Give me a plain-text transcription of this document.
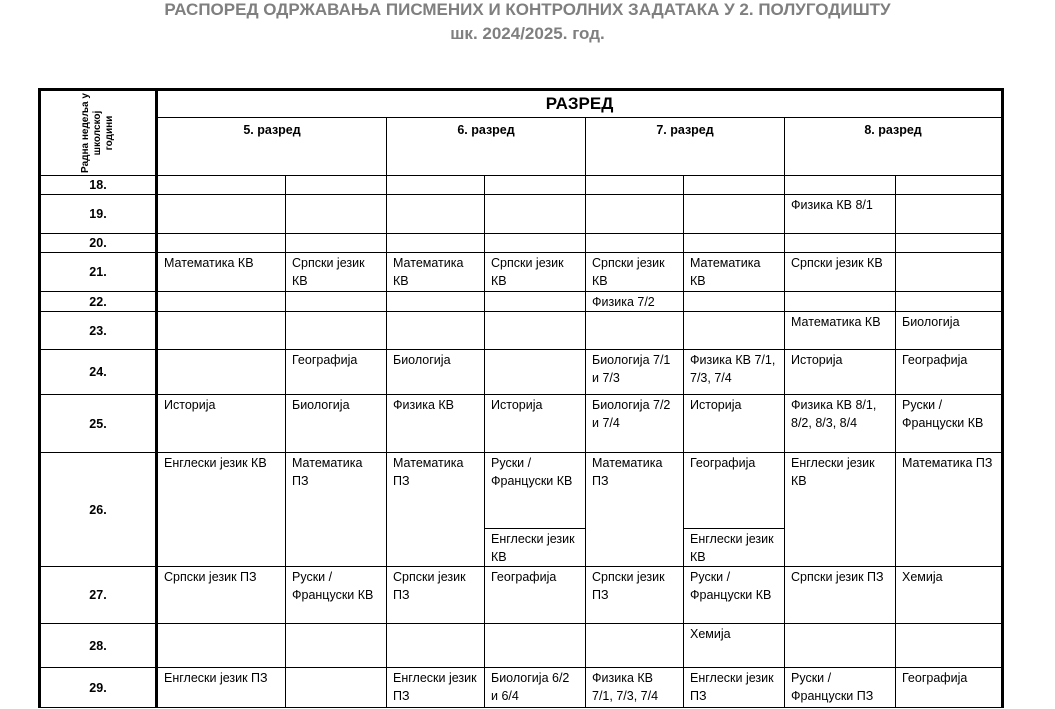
РАСПОРЕД ОДРЖАВАЊА ПИСМЕНИХ И КОНТРОЛНИХ ЗАДАТАКА У 2. ПОЛУГОДИШТУ
шк. 2024/2025. год.
Радна недеља у школској години	РАЗРЕД							
	5. разред		6. разред		7. разред		8. разред	
18.								
19.							Физика КВ 8/1	
20.								
21.	Математика КВ	Српски језик КВ	Математика КВ	Српски језик КВ	Српски језик КВ	Математика КВ	Српски језик КВ	
22.					Физика 7/2			
23.							Математика КВ	Биологија
24.		Географија	Биологија		Биологија 7/1 и 7/3	Физика КВ 7/1, 7/3, 7/4	Историја	Географија
25.	Историја	Биологија	Физика КВ	Историја	Биологија 7/2 и 7/4	Историја	Физика КВ 8/1, 8/2, 8/3, 8/4	Руски / Француски КВ
26.	Енглески језик КВ	Математика ПЗ	Математика ПЗ	Руски / Француски КВ	Математика ПЗ	Географија	Енглески језик КВ	Математика ПЗ
				Енглески језик КВ		Енглески језик КВ		
27.	Српски језик ПЗ	Руски / Француски КВ	Српски језик ПЗ	Географија	Српски језик ПЗ	Руски / Француски КВ	Српски језик ПЗ	Хемија
28.						Хемија		
29.	Енглески језик ПЗ		Енглески језик ПЗ	Биологија 6/2 и 6/4	Физика КВ 7/1, 7/3, 7/4	Енглески језик ПЗ	Руски / Француски ПЗ	Географија
